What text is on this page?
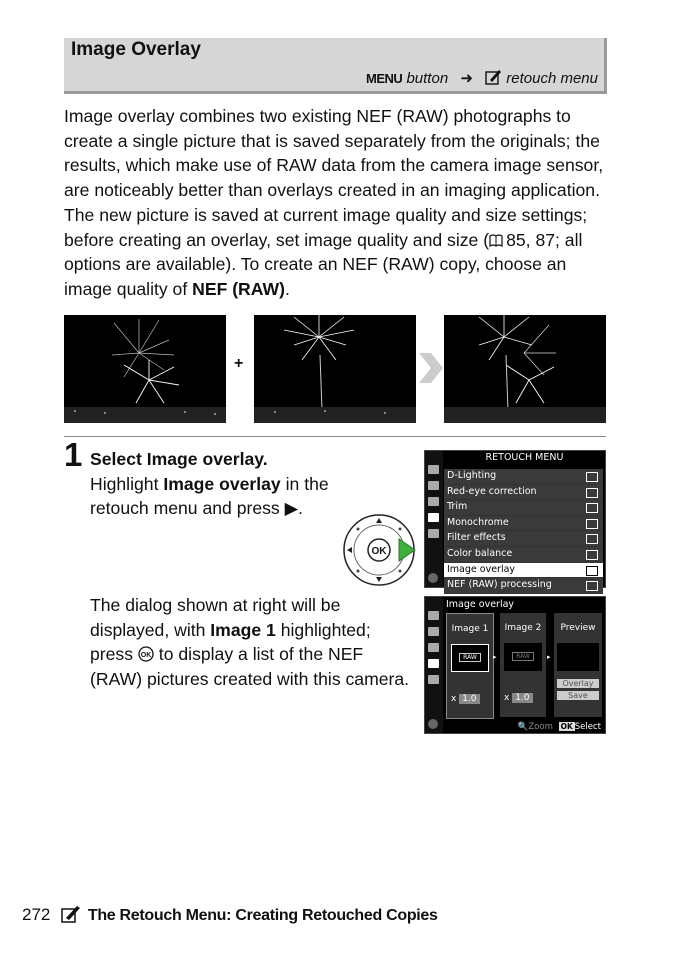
Image Overlay
MENU button ➜ retouch menu
Image overlay combines two existing NEF (RAW) photographs to create a single picture that is saved separately from the originals; the results, which make use of RAW data from the camera image sensor, are noticeably better than overlays created in an imaging application. The new picture is saved at current image quality and size settings; before creating an overlay, set image quality and size ( 85, 87; all options are available). To create an NEF (RAW) copy, choose an image quality of NEF (RAW).
+
1 Select Image overlay.
Highlight Image overlay in the retouch menu and press ▶.
OK
RETOUCH MENU
D-Lighting
Red-eye correction
Trim
Monochrome
Filter effects
Color balance
Image overlay
NEF (RAW) processing
The dialog shown at right will be displayed, with Image 1 highlighted; press OK to display a list of the NEF (RAW) pictures created with this camera.
Image overlay
Image 1
RAW
x 1.0
▸
Image 2
RAW
x 1.0
▸
Preview
Overlay
Save
🔍Zoom OK Select
272 The Retouch Menu: Creating Retouched Copies
